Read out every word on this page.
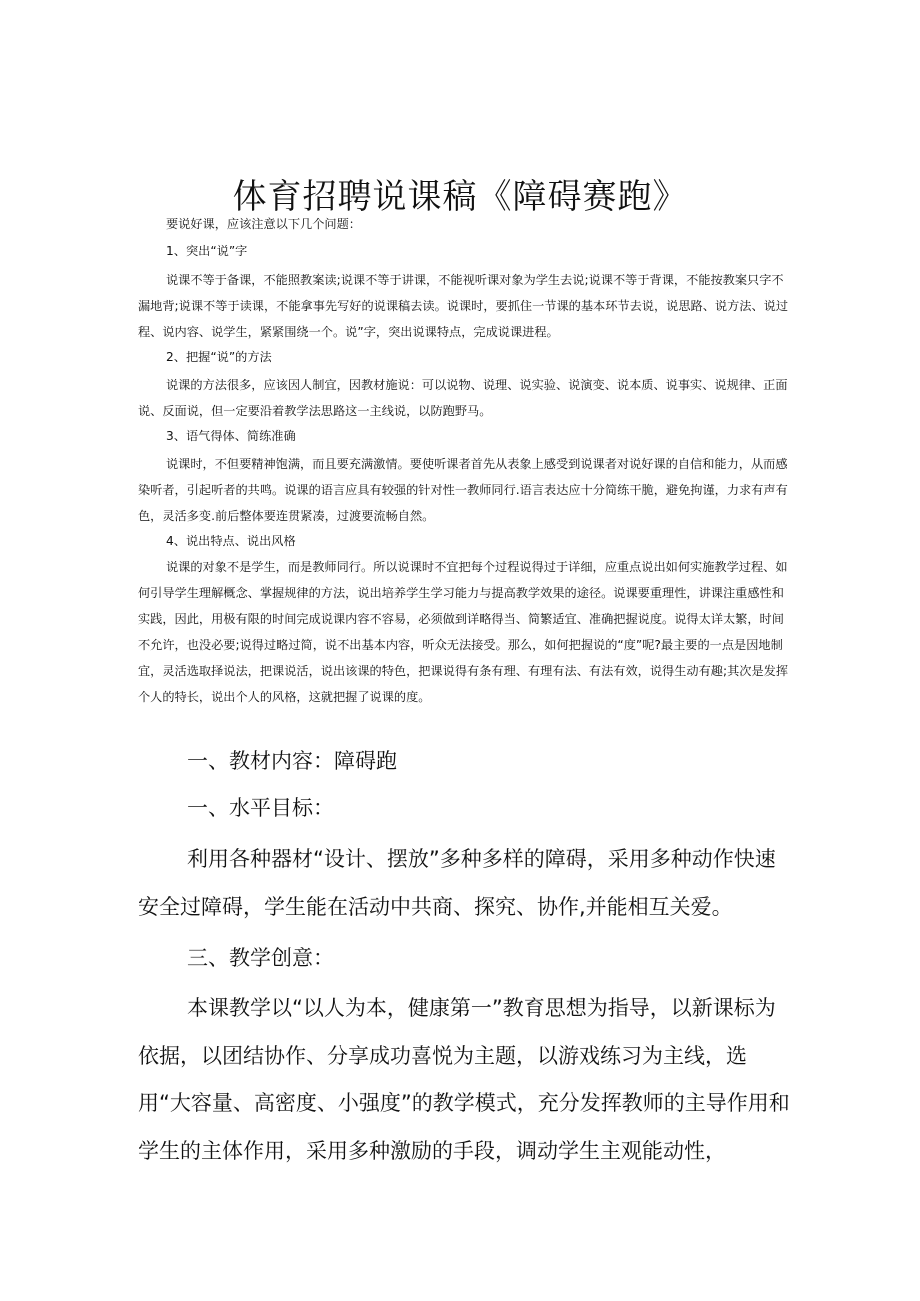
体育招聘说课稿《障碍赛跑》

要说好课，应该注意以下几个问题：

1、突出“说”字

说课不等于备课，不能照教案读;说课不等于讲课，不能视听课对象为学生去说;说课不等于背课，不能按教案只字不漏地背;说课不等于读课，不能拿事先写好的说课稿去读。说课时，要抓住一节课的基本环节去说，说思路、说方法、说过程、说内容、说学生，紧紧围绕一个。说”字，突出说课特点，完成说课进程。

2、把握“说”的方法

说课的方法很多，应该因人制宜，因教材施说：可以说物、说理、说实验、说演变、说本质、说事实、说规律、正面说、反面说，但一定要沿着教学法思路这一主线说，以防跑野马。

3、语气得体、简练准确

说课时，不但要精神饱满，而且要充满激情。要使听课者首先从表象上感受到说课者对说好课的自信和能力，从而感染听者，引起听者的共鸣。说课的语言应具有较强的针对性一教师同行.语言表达应十分简练干脆，避免拘谨，力求有声有色，灵活多变.前后整体要连贯紧凑，过渡要流畅自然。

4、说出特点、说出风格

说课的对象不是学生，而是教师同行。所以说课时不宜把每个过程说得过于详细，应重点说出如何实施教学过程、如何引导学生理解概念、掌握规律的方法，说出培养学生学习能力与提高教学效果的途径。说课要重理性，讲课注重感性和实践，因此，用极有限的时间完成说课内容不容易，必须做到详略得当、简繁适宜、准确把握说度。说得太详太繁，时间不允许，也没必要;说得过略过简，说不出基本内容，听众无法接受。那么，如何把握说的“度”呢?最主要的一点是因地制宜，灵活选取择说法，把课说活，说出该课的特色，把课说得有条有理、有理有法、有法有效，说得生动有趣;其次是发挥个人的特长，说出个人的风格，这就把握了说课的度。

一、教材内容：障碍跑

一、水平目标：

利用各种器材“设计、摆放”多种多样的障碍，采用多种动作快速安全过障碍，学生能在活动中共商、探究、协作,并能相互关爱。

三、教学创意：

本课教学以“以人为本，健康第一”教育思想为指导，以新课标为依据，以团结协作、分享成功喜悦为主题，以游戏练习为主线，选用“大容量、高密度、小强度”的教学模式，充分发挥教师的主导作用和学生的主体作用，采用多种激励的手段，调动学生主观能动性，
